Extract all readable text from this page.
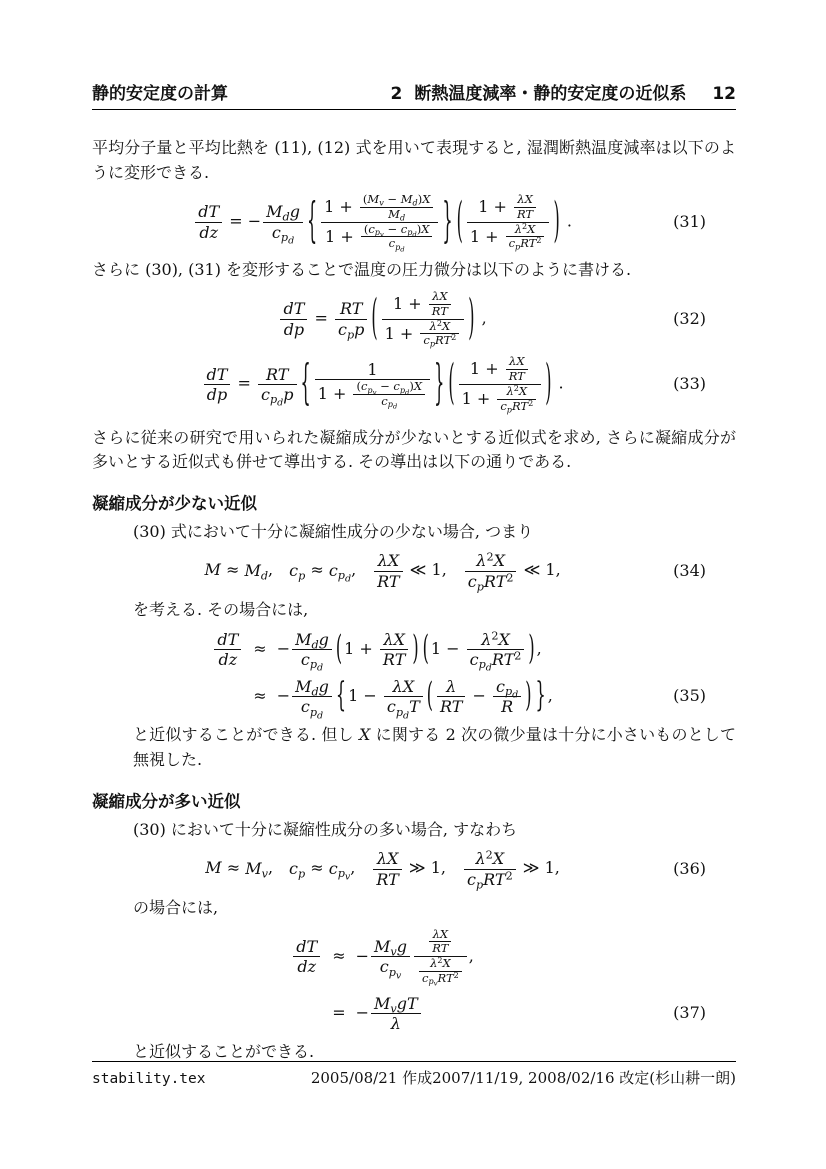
静的安定度の計算	2 断熱温度減率・静的安定度の近似系 12

平均分子量と平均比熱を (11), (12) 式を用いて表現すると, 湿潤断熱温度減率は以下のように変形できる.

$\frac{dT}{dz}$ = − $M_dg$
$c_{p_d}$ { $1 + \frac{(M_v - M_d)X}{M_d}$
$1 + (c_{p_v} - c_{p_d})X$
$c_{p_d}$
} ( $1 + \frac{\lambda X}{RT}$
$1 + \lambda^2X$
$c_pRT^2$ ) .	(31)

さらに (30), (31) を変形することで温度の圧力微分は以下のように書ける.

$\frac{dT}{dp}$ = RT
$c_pp$ ( $1 + \frac{\lambda X}{RT}$
$1 + \lambda^2X$
$c_pRT^2$ ) ,	(32)
$\frac{dT}{dp}$ = RT
$c_{p_d}p$ {	1
$1 + (c_{p_v} - c_{p_d})X$
$c_{p_d}$	} ( $1 + \frac{\lambda X}{RT}$
$1 + \lambda^2X$
$c_pRT^2$ ) .	(33)

さらに従来の研究で用いられた凝縮成分が少ないとする近似式を求め, さらに凝縮成分が多いとする近似式も併せて導出する. その導出は以下の通りである.

凝縮成分が少ない近似

(30) 式において十分に凝縮性成分の少ない場合, つまり

$M \approx M_d$, $c_p \approx c_{p_d}$,  $\frac{\lambda X}{RT}$ ≪ 1,  $\lambda^2X$
$c_pRT^2$ ≪ 1,	(34)

を考える. その場合には,

$\frac{dT}{dz}$ ≈ − $M_dg$
$c_{p_d}$
( $1 + \frac{\lambda X}{RT}$ ) ( 1 −	$\lambda^2X$
$c_{p_d}RT^2$ ) ,
≈ − $M_dg$
$c_{p_d}$
{ 1 − λX
$c_{p_d}T$ ( $\frac{\lambda}{RT} - c_{p_d}$
R ) } ,	(35)

と近似することができる. 但し X に関する 2 次の微少量は十分に小さいものとして無視した.

凝縮成分が多い近似

(30) において十分に凝縮性成分の多い場合, すなわち

$M \approx M_v$, $c_p \approx c_{p_v}$,  $\frac{\lambda X}{RT}$ ≫ 1,  $\lambda^2X$
$c_pRT^2$ ≫ 1,	(36)

の場合には,

$\frac{dT}{dz}$ ≈ − $M_vg$
$c_{p_v}$
$\frac{\lambda X}{RT}$
$\lambda^2X$
$c_{p_v}RT^2$
,
= − $M_vgT$
λ
(37)

と近似することができる.

stability.tex	2005/08/21 作成2007/11/19, 2008/02/16 改定(杉山耕一朗)
